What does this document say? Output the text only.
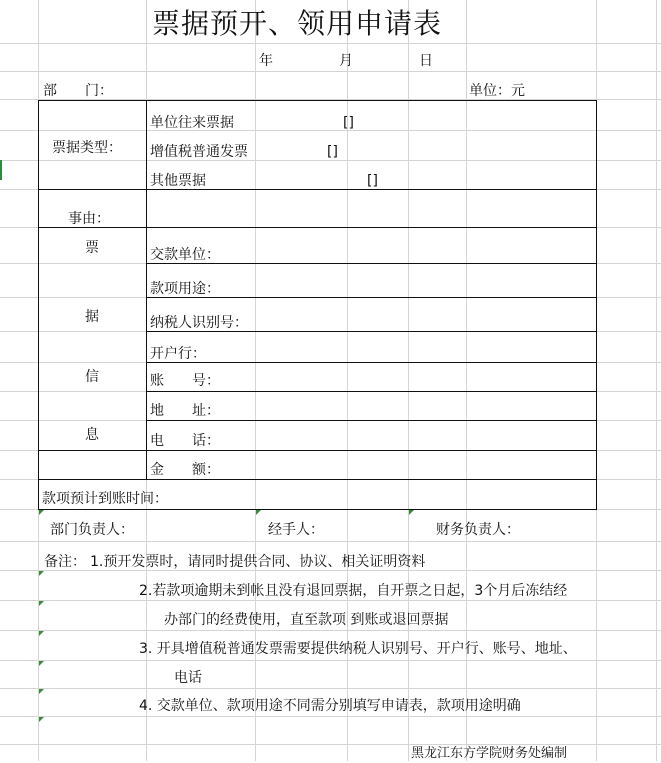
票据预开、领用申请表
年	月	日
部　　门：	单位：元
票据类型：
单位往来票据	[]
增值税普通发票	[]
其他票据	[]
事由：
票
据
信
息
交款单位：
款项用途：
纳税人识别号：
开户行：
账　　号：
地　　址：
电　　话：
金　　额：
款项预计到账时间：
部门负责人：	经手人：	财务负责人：
备注： 1.预开发票时，请同时提供合同、协议、相关证明资料
2.若款项逾期未到帐且没有退回票据，自开票之日起，3个月后冻结经
办部门的经费使用，直至款项 到账或退回票据
3. 开具增值税普通发票需要提供纳税人识别号、开户行、账号、地址、
电话
4. 交款单位、款项用途不同需分别填写申请表，款项用途明确
黑龙江东方学院财务处编制
